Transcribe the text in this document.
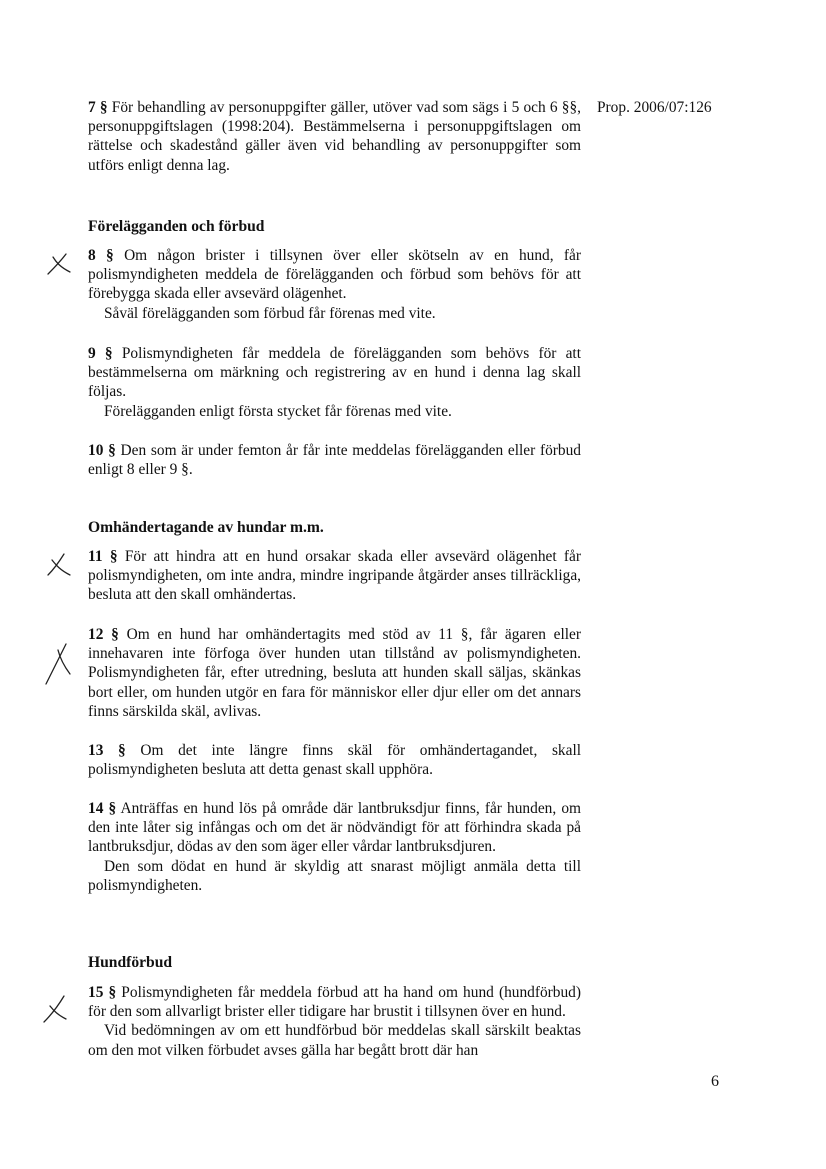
Prop. 2006/07:126

7 § För behandling av personuppgifter gäller, utöver vad som sägs i 5 och 6 §§, personuppgiftslagen (1998:204). Bestämmelserna i personuppgiftslagen om rättelse och skadestånd gäller även vid behandling av personuppgifter som utförs enligt denna lag.

Förelägganden och förbud

8 § Om någon brister i tillsynen över eller skötseln av en hund, får polismyndigheten meddela de förelägganden och förbud som behövs för att förebygga skada eller avsevärd olägenhet.

Såväl förelägganden som förbud får förenas med vite.

9 § Polismyndigheten får meddela de förelägganden som behövs för att bestämmelserna om märkning och registrering av en hund i denna lag skall följas.

Förelägganden enligt första stycket får förenas med vite.

10 § Den som är under femton år får inte meddelas förelägganden eller förbud enligt 8 eller 9 §.

Omhändertagande av hundar m.m.

11 § För att hindra att en hund orsakar skada eller avsevärd olägenhet får polismyndigheten, om inte andra, mindre ingripande åtgärder anses tillräckliga, besluta att den skall omhändertas.

12 § Om en hund har omhändertagits med stöd av 11 §, får ägaren eller innehavaren inte förfoga över hunden utan tillstånd av polismyndigheten. Polismyndigheten får, efter utredning, besluta att hunden skall säljas, skänkas bort eller, om hunden utgör en fara för människor eller djur eller om det annars finns särskilda skäl, avlivas.

13 § Om det inte längre finns skäl för omhändertagandet, skall polismyndigheten besluta att detta genast skall upphöra.

14 § Anträffas en hund lös på område där lantbruksdjur finns, får hunden, om den inte låter sig infångas och om det är nödvändigt för att förhindra skada på lantbruksdjur, dödas av den som äger eller vårdar lantbruksdjuren.

Den som dödat en hund är skyldig att snarast möjligt anmäla detta till polismyndigheten.

Hundförbud

15 § Polismyndigheten får meddela förbud att ha hand om hund (hundförbud) för den som allvarligt brister eller tidigare har brustit i tillsynen över en hund.

Vid bedömningen av om ett hundförbud bör meddelas skall särskilt beaktas om den mot vilken förbudet avses gälla har begått brott där han

6
